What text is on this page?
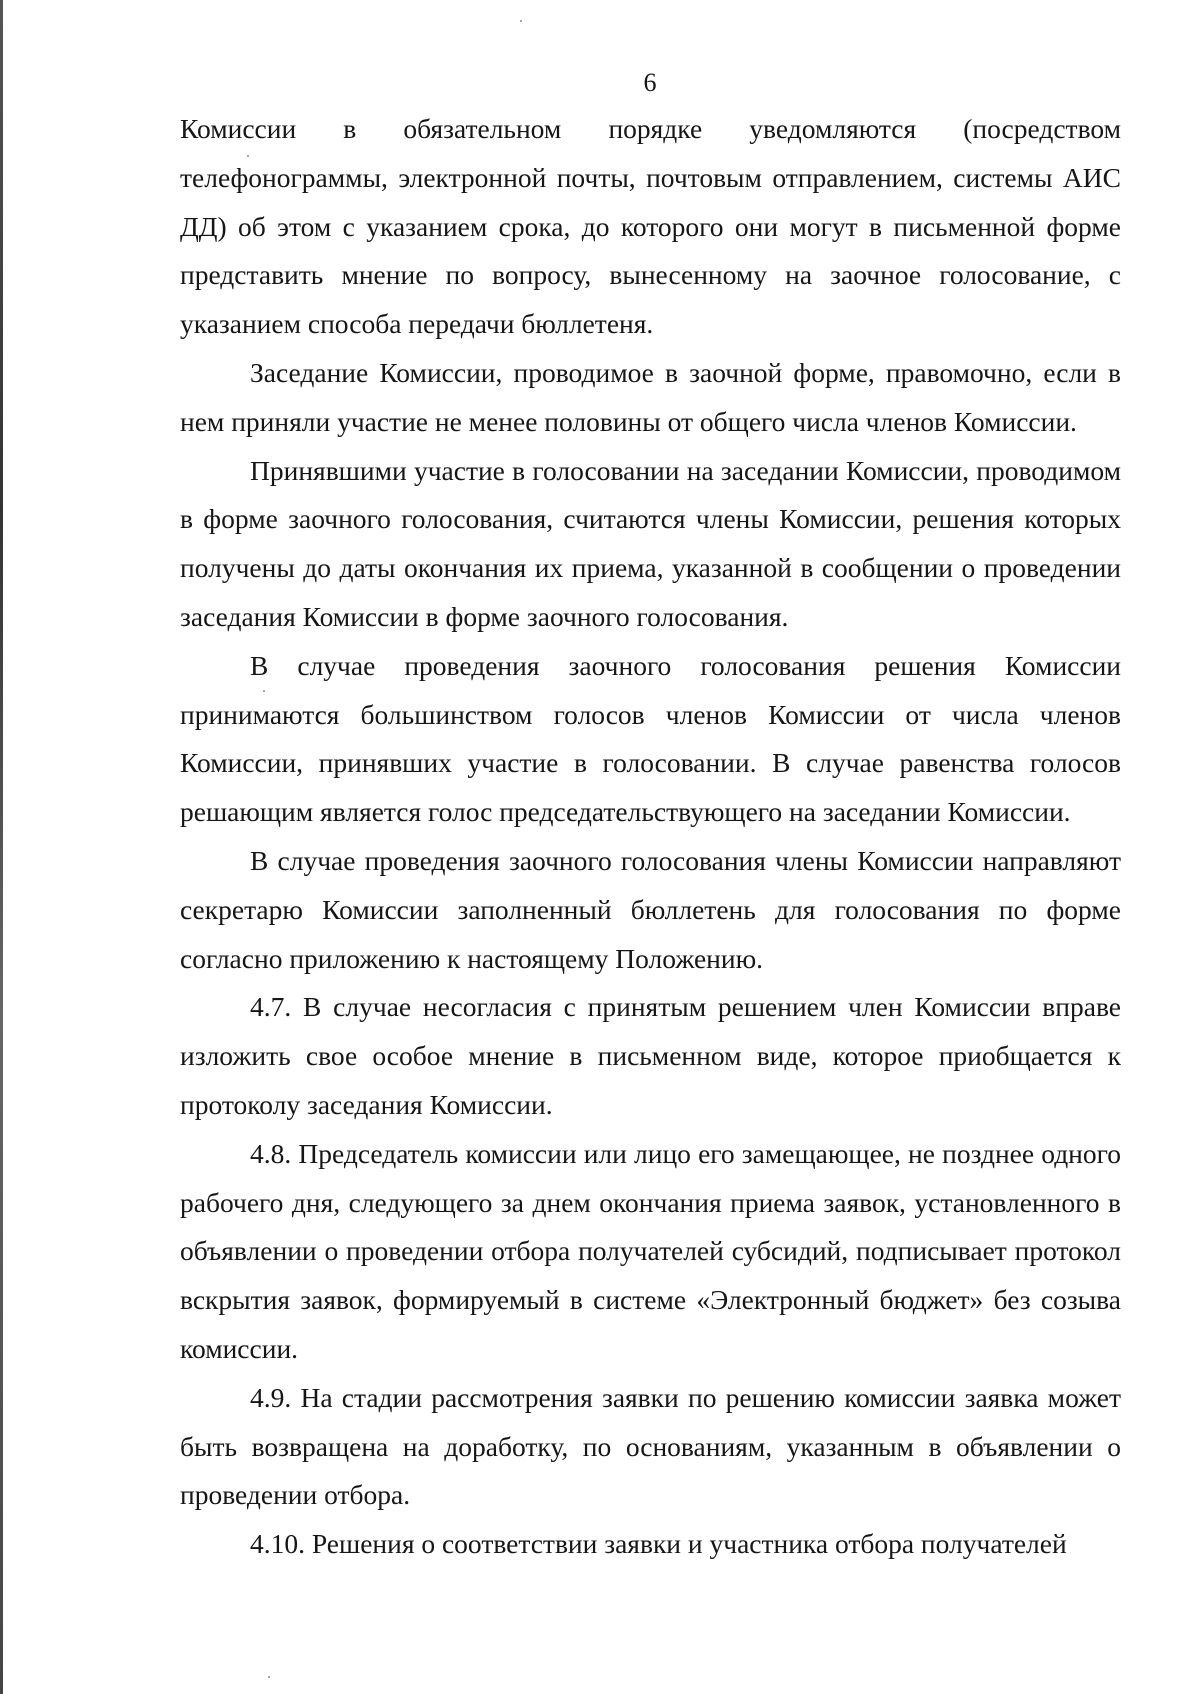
6

Комиссии в обязательном порядке уведомляются (посредством телефонограммы, электронной почты, почтовым отправлением, системы АИС ДД) об этом с указанием срока, до которого они могут в письменной форме представить мнение по вопросу, вынесенному на заочное голосование, с указанием способа передачи бюллетеня.

Заседание Комиссии, проводимое в заочной форме, правомочно, если в нем приняли участие не менее половины от общего числа членов Комиссии.

Принявшими участие в голосовании на заседании Комиссии, проводимом в форме заочного голосования, считаются члены Комиссии, решения которых получены до даты окончания их приема, указанной в сообщении о проведении заседания Комиссии в форме заочного голосования.

В случае проведения заочного голосования решения Комиссии принимаются большинством голосов членов Комиссии от числа членов Комиссии, принявших участие в голосовании. В случае равенства голосов решающим является голос председательствующего на заседании Комиссии.

В случае проведения заочного голосования члены Комиссии направляют секретарю Комиссии заполненный бюллетень для голосования по форме согласно приложению к настоящему Положению.

4.7. В случае несогласия с принятым решением член Комиссии вправе изложить свое особое мнение в письменном виде, которое приобщается к протоколу заседания Комиссии.

4.8. Председатель комиссии или лицо его замещающее, не позднее одного рабочего дня, следующего за днем окончания приема заявок, установленного в объявлении о проведении отбора получателей субсидий, подписывает протокол вскрытия заявок, формируемый в системе «Электронный бюджет» без созыва комиссии.

4.9. На стадии рассмотрения заявки по решению комиссии заявка может быть возвращена на доработку, по основаниям, указанным в объявлении о проведении отбора.

4.10. Решения о соответствии заявки и участника отбора получателей
